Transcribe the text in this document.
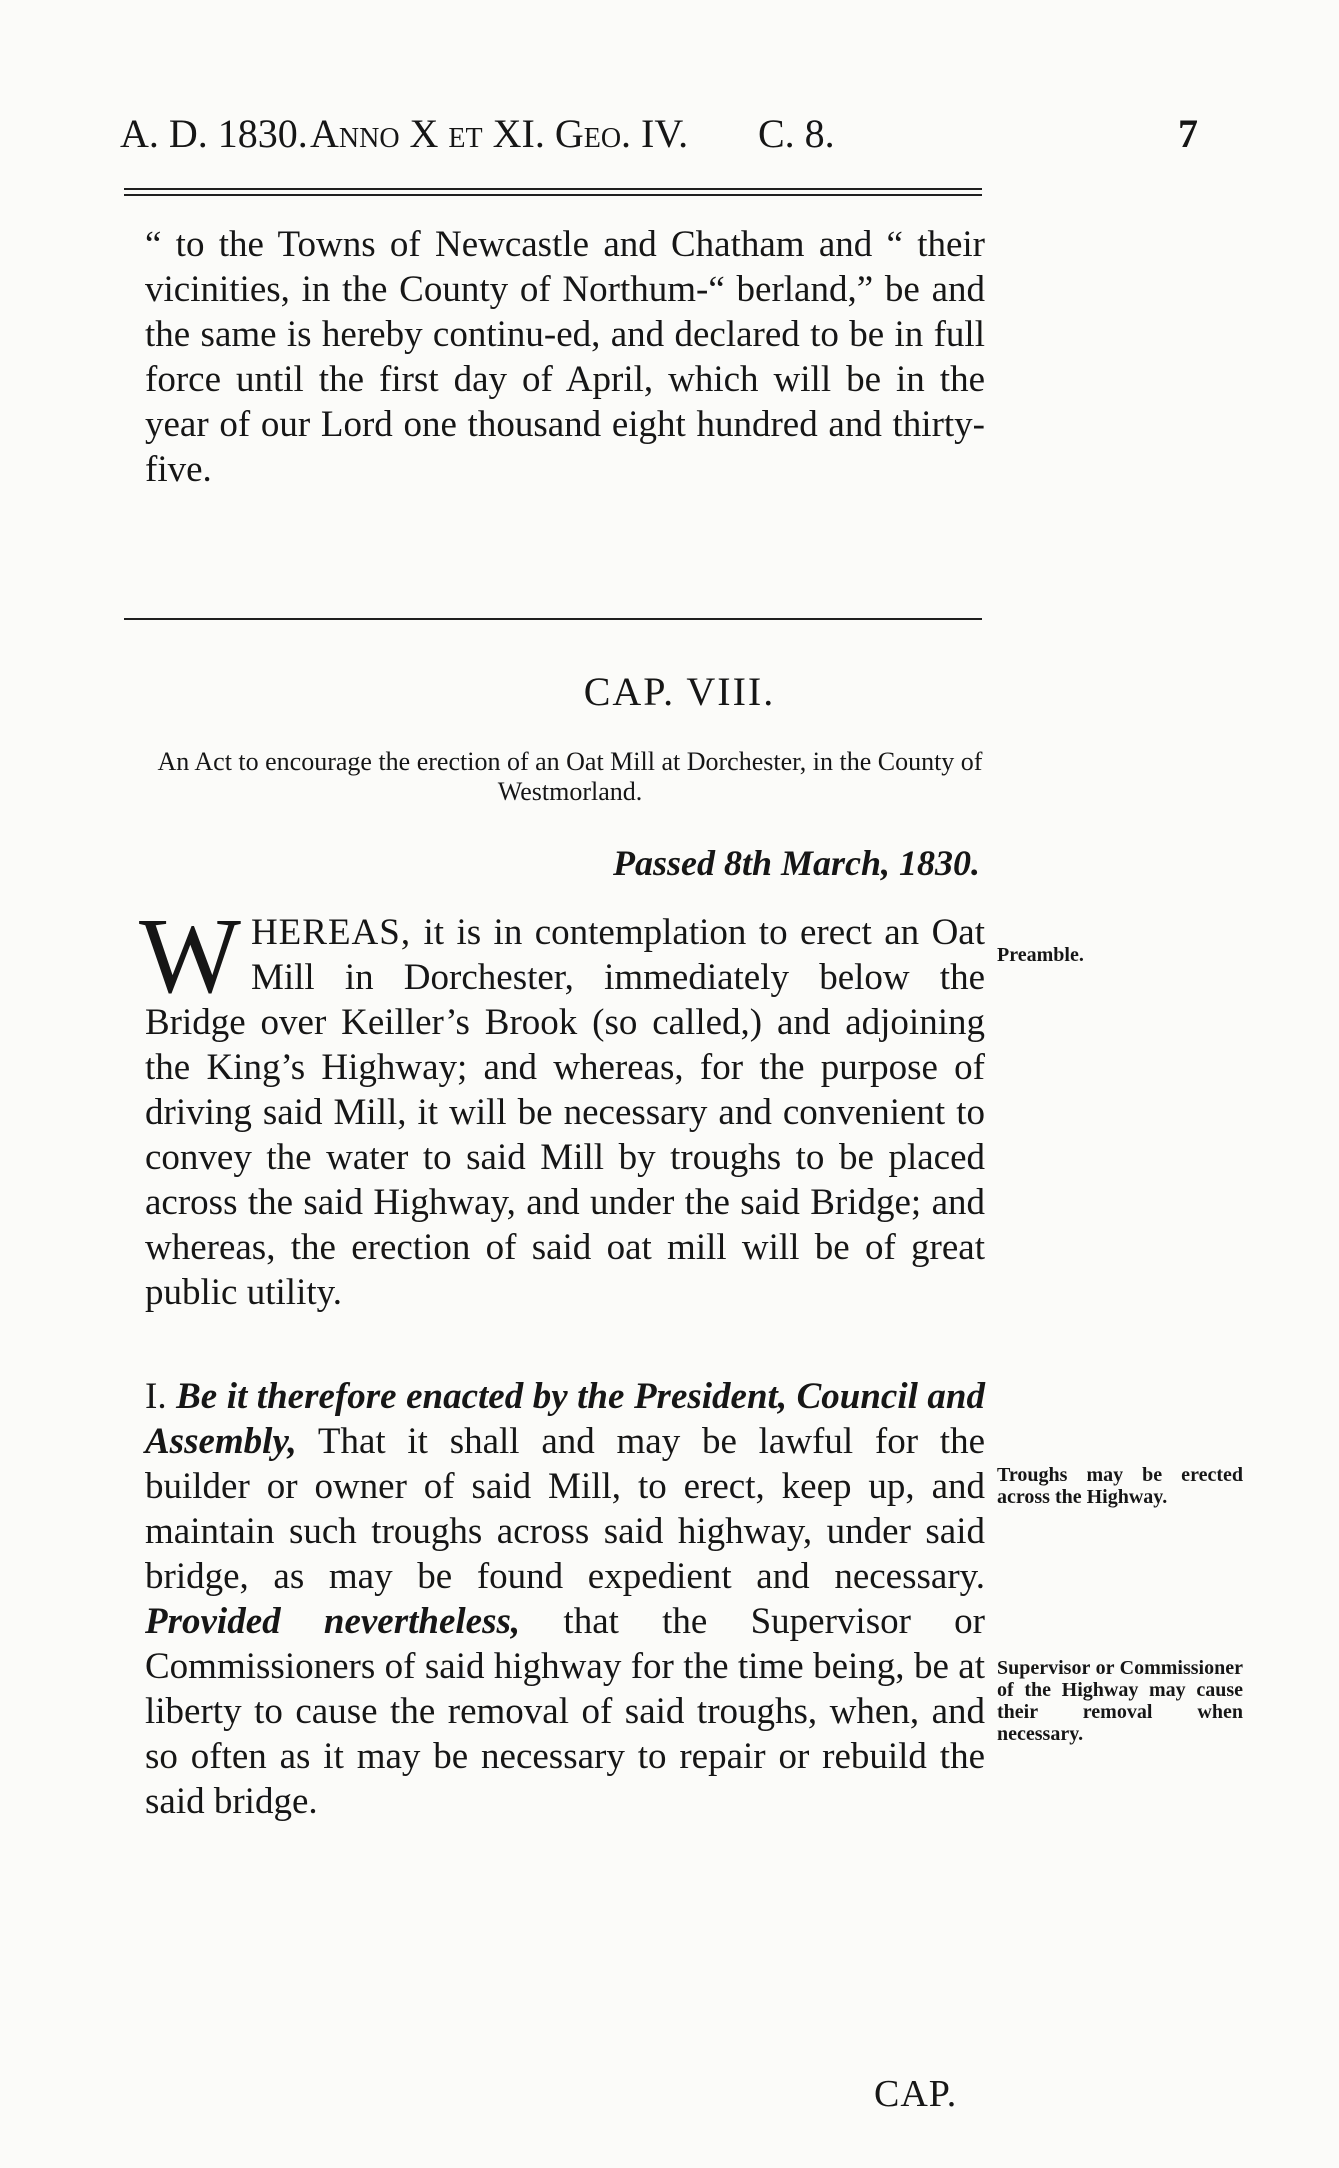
A. D. 1830. Anno X et XI. Geo. IV. C. 8.	7

“ to the Towns of Newcastle and Chatham and “ their vicinities, in the County of Northum-“ berland,” be and the same is hereby continu-ed, and declared to be in full force until the first day of April, which will be in the year of our Lord one thousand eight hundred and thirty-five.

CAP. VIII.
An Act to encourage the erection of an Oat Mill at Dorchester, in the County of Westmorland.
Passed 8th March, 1830.

WHEREAS, it is in contemplation to erect an Oat Mill in Dorchester, immediately below the Bridge over Keiller’s Brook (so called,) and adjoining the King’s Highway; and whereas, for the purpose of driving said Mill, it will be necessary and convenient to convey the water to said Mill by troughs to be placed across the said Highway, and under the said Bridge; and whereas, the erection of said oat mill will be of great public utility.

Preamble.

I. Be it therefore enacted by the President, Council and Assembly, That it shall and may be lawful for the builder or owner of said Mill, to erect, keep up, and maintain such troughs across said highway, under said bridge, as may be found expedient and necessary. Provided nevertheless, that the Supervisor or Commissioners of said highway for the time being, be at liberty to cause the removal of said troughs, when, and so often as it may be necessary to repair or rebuild the said bridge.

Troughs may be erected across the Highway.
Supervisor or Commissioner of the Highway may cause their removal when necessary.
CAP.
